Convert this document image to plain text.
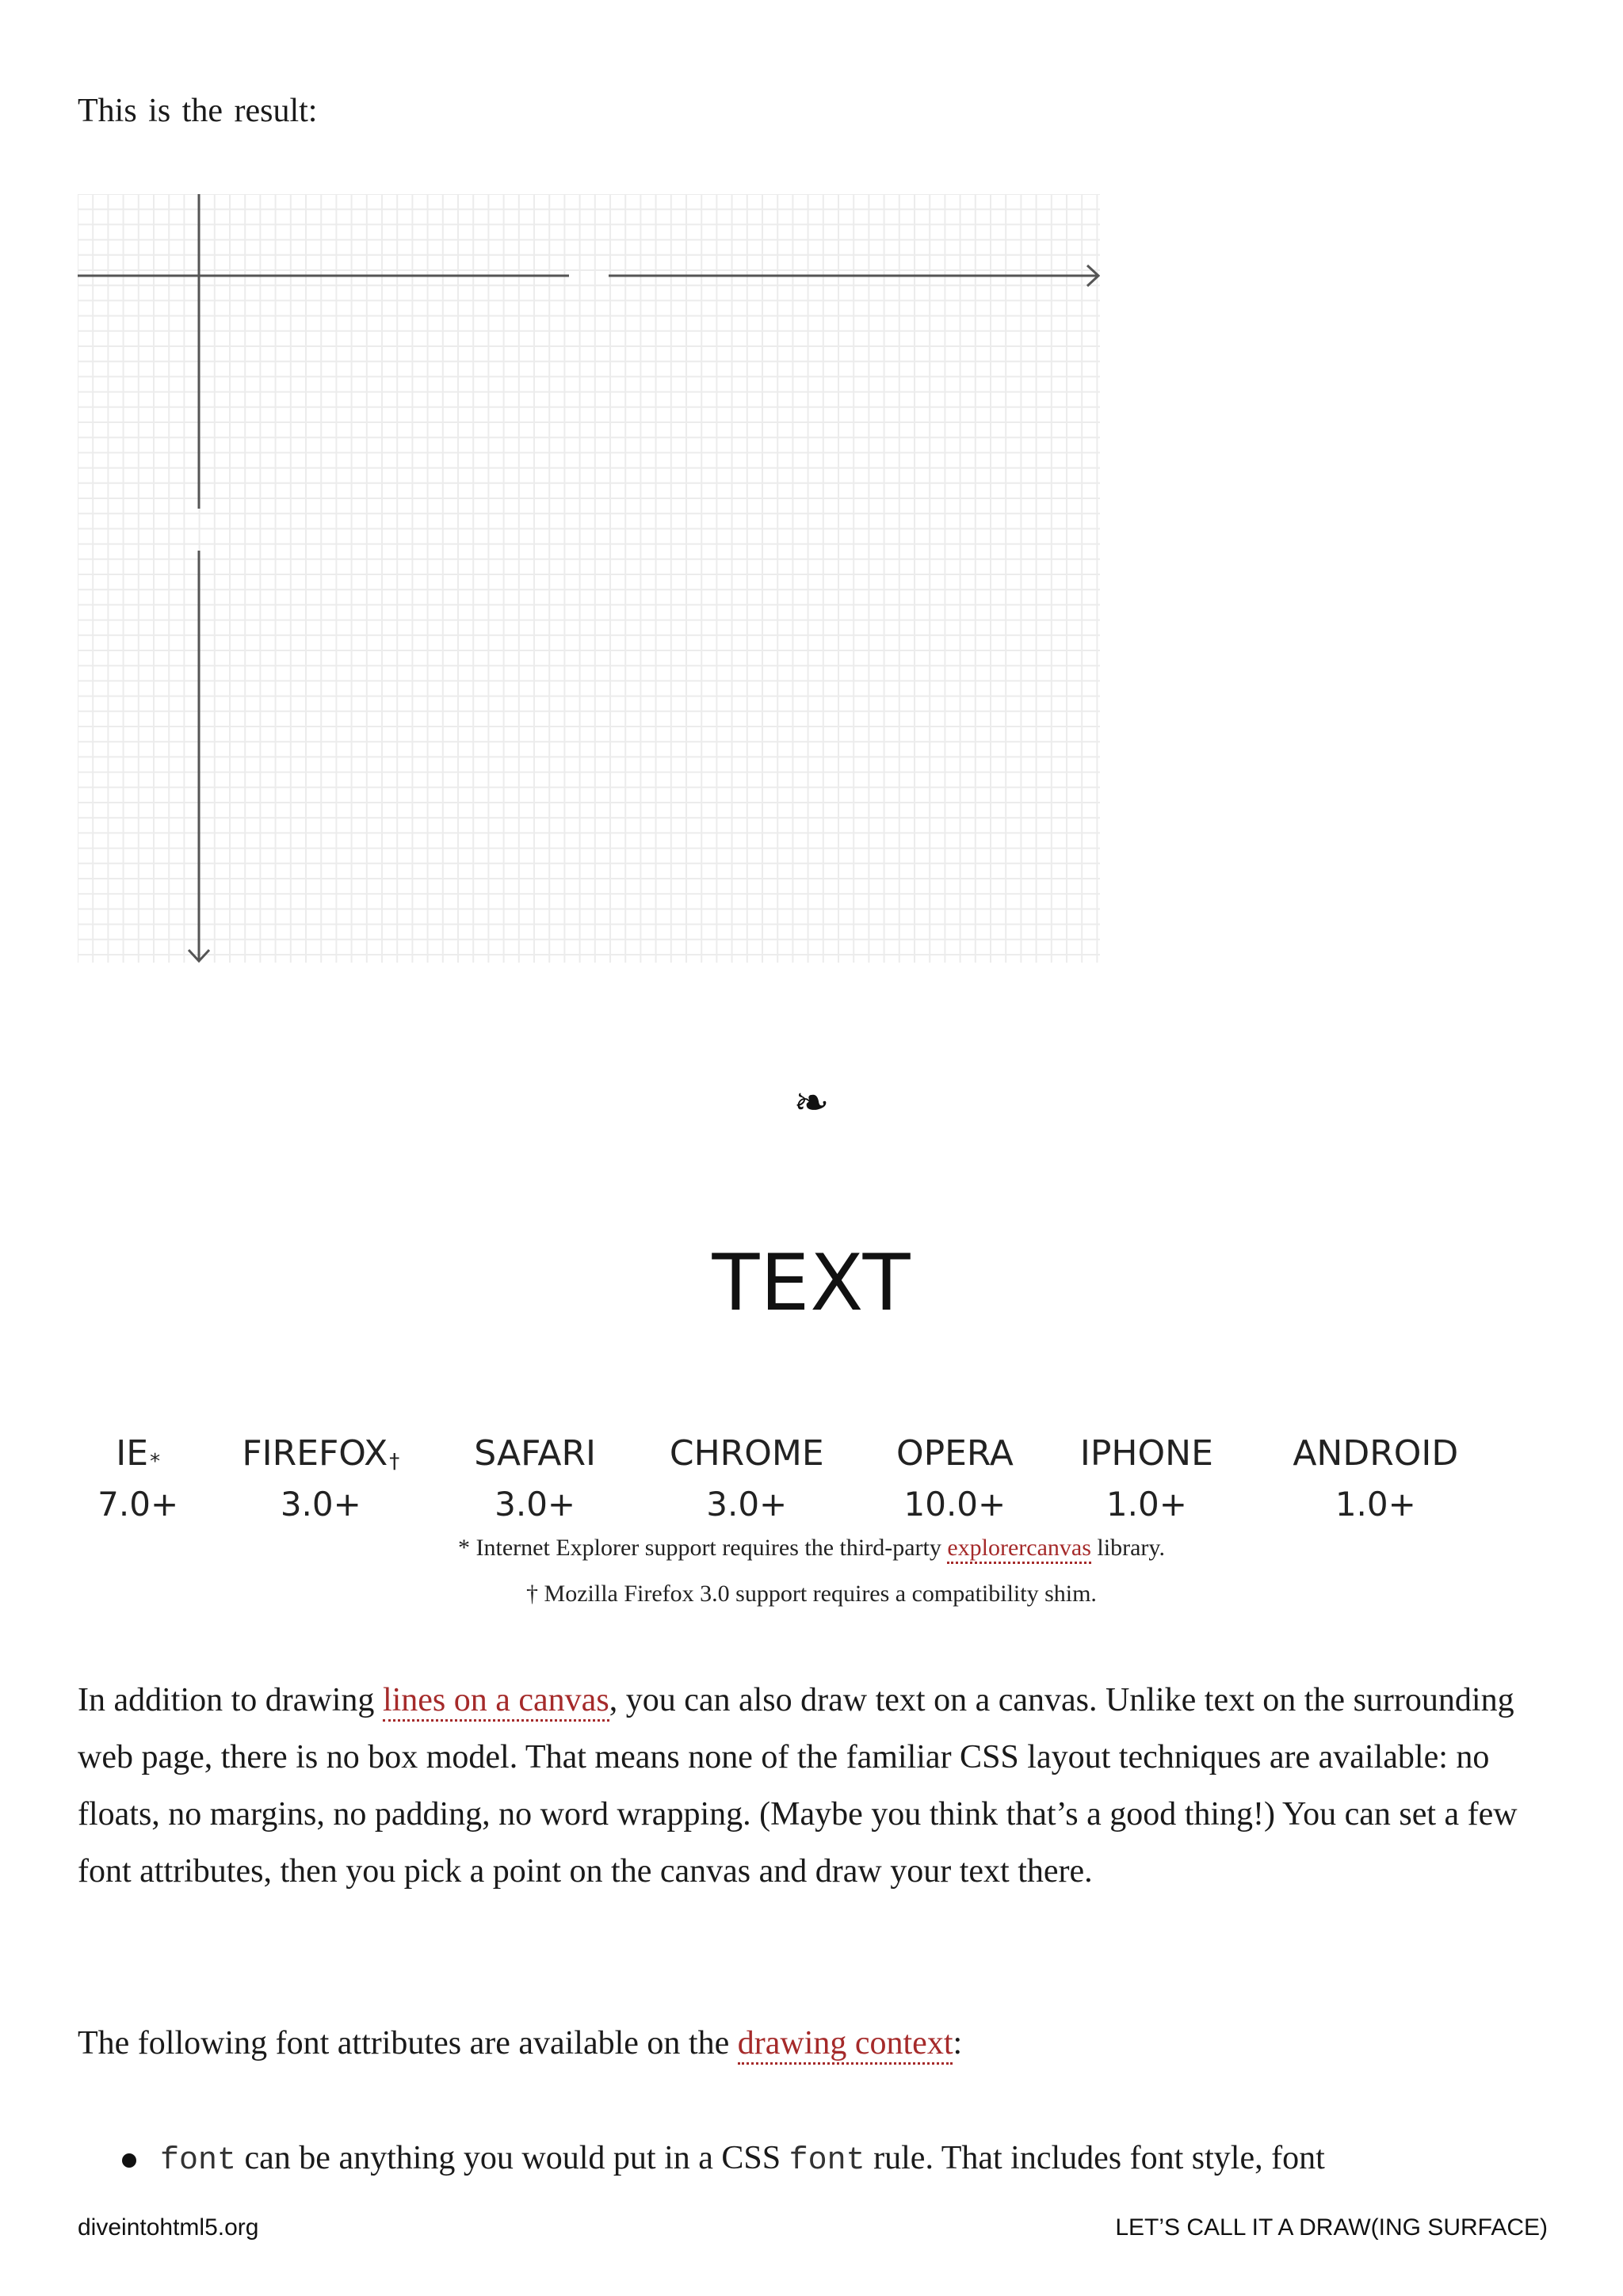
This is the result:

❧
TEXT
IE*	FIREFOX†	SAFARI	CHROME	OPERA	IPHONE	ANDROID
7.0+	3.0+	3.0+	3.0+	10.0+	1.0+	1.0+

* Internet Explorer support requires the third-party explorercanvas library.

† Mozilla Firefox 3.0 support requires a compatibility shim.

In addition to drawing lines on a canvas, you can also draw text on a canvas. Unlike text on the surrounding web page, there is no box model. That means none of the familiar CSS layout techniques are available: no floats, no margins, no padding, no word wrapping. (Maybe you think that’s a good thing!) You can set a few font attributes, then you pick a point on the canvas and draw your text there.

The following font attributes are available on the drawing context:

font can be anything you would put in a CSS font rule. That includes font style, font

diveintohtml5.org	LET’S CALL IT A DRAW(ING SURFACE)
